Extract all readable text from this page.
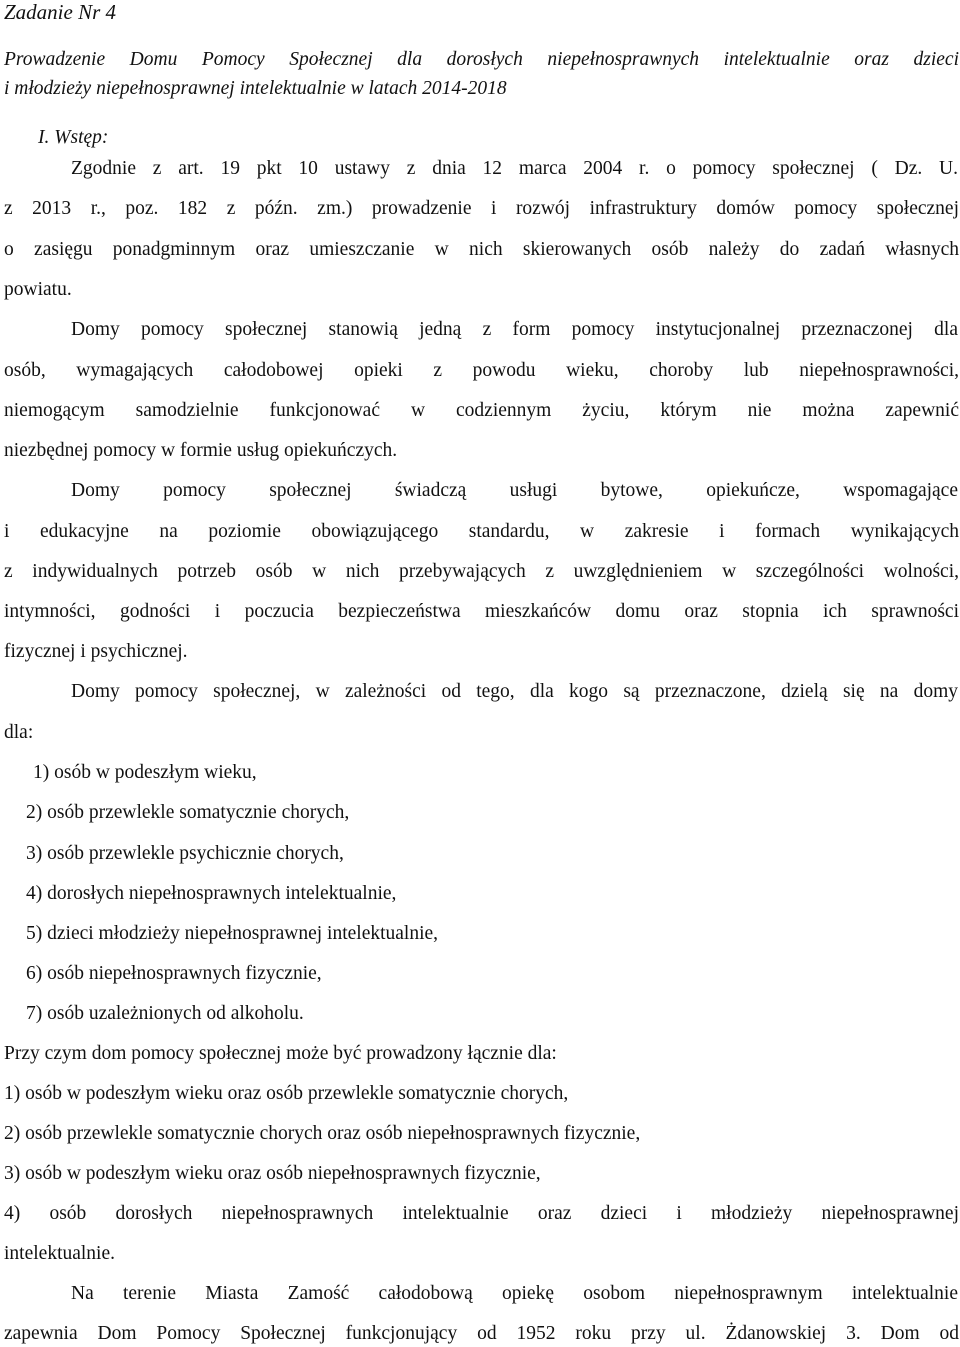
Zadanie Nr 4
Prowadzenie Domu Pomocy Społecznej dla dorosłych niepełnosprawnych intelektualnie oraz dzieci
i młodzieży niepełnosprawnej intelektualnie w latach 2014-2018
I. Wstęp:
Zgodnie z art. 19 pkt 10 ustawy z dnia 12 marca 2004 r. o pomocy społecznej ( Dz. U.
z 2013 r., poz. 182 z późn. zm.) prowadzenie i rozwój infrastruktury domów pomocy społecznej
o zasięgu ponadgminnym oraz umieszczanie w nich skierowanych osób należy do zadań własnych
powiatu.
Domy pomocy społecznej stanowią jedną z form pomocy instytucjonalnej przeznaczonej dla
osób, wymagających całodobowej opieki z powodu wieku, choroby lub niepełnosprawności,
niemogącym samodzielnie funkcjonować w codziennym życiu, którym nie można zapewnić
niezbędnej pomocy w formie usług opiekuńczych.
Domy pomocy społecznej świadczą usługi bytowe, opiekuńcze, wspomagające
i edukacyjne na poziomie obowiązującego standardu, w zakresie i formach wynikających
z indywidualnych potrzeb osób w nich przebywających z uwzględnieniem w szczególności wolności,
intymności, godności i poczucia bezpieczeństwa mieszkańców domu oraz stopnia ich sprawności
fizycznej i psychicznej.
Domy pomocy społecznej, w zależności od tego, dla kogo są przeznaczone, dzielą się na domy
dla:
1) osób w podeszłym wieku,
2) osób przewlekle somatycznie chorych,
3) osób przewlekle psychicznie chorych,
4) dorosłych niepełnosprawnych intelektualnie,
5) dzieci młodzieży niepełnosprawnej intelektualnie,
6) osób niepełnosprawnych fizycznie,
7) osób uzależnionych od alkoholu.
Przy czym dom pomocy społecznej może być prowadzony łącznie dla:
1) osób w podeszłym wieku oraz osób przewlekle somatycznie chorych,
2) osób przewlekle somatycznie chorych oraz osób niepełnosprawnych fizycznie,
3) osób w podeszłym wieku oraz osób niepełnosprawnych fizycznie,
4) osób dorosłych niepełnosprawnych intelektualnie oraz dzieci i młodzieży niepełnosprawnej
intelektualnie.
Na terenie Miasta Zamość całodobową opiekę osobom niepełnosprawnym intelektualnie
zapewnia Dom Pomocy Społecznej funkcjonujący od 1952 roku przy ul. Żdanowskiej 3. Dom od
